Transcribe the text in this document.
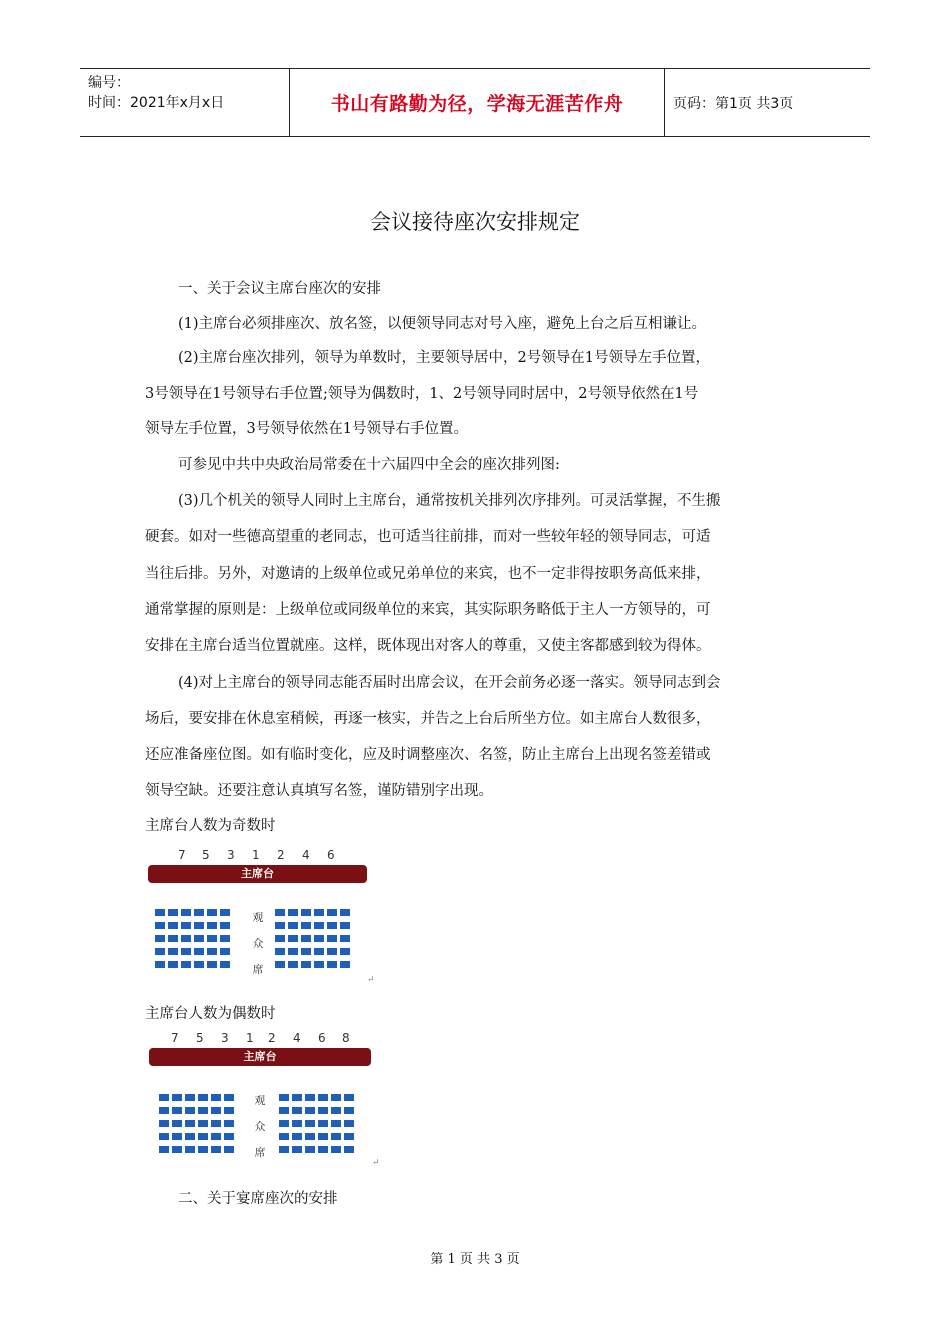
编号：
时间：2021年x月x日	书山有路勤为径，学海无涯苦作舟	页码：第1页 共3页
会议接待座次安排规定
一、关于会议主席台座次的安排
(1)主席台必须排座次、放名签，以便领导同志对号入座，避免上台之后互相谦让。
(2)主席台座次排列，领导为单数时，主要领导居中，2号领导在1号领导左手位置，
3号领导在1号领导右手位置;领导为偶数时，1、2号领导同时居中，2号领导依然在1号
领导左手位置，3号领导依然在1号领导右手位置。
可参见中共中央政治局常委在十六届四中全会的座次排列图:
(3)几个机关的领导人同时上主席台，通常按机关排列次序排列。可灵活掌握，不生搬
硬套。如对一些德高望重的老同志，也可适当往前排，而对一些较年轻的领导同志，可适
当往后排。另外，对邀请的上级单位或兄弟单位的来宾，也不一定非得按职务高低来排，
通常掌握的原则是：上级单位或同级单位的来宾，其实际职务略低于主人一方领导的，可
安排在主席台适当位置就座。这样，既体现出对客人的尊重，又使主客都感到较为得体。
(4)对上主席台的领导同志能否届时出席会议，在开会前务必逐一落实。领导同志到会
场后，要安排在休息室稍候，再逐一核实，并告之上台后所坐方位。如主席台人数很多，
还应准备座位图。如有临时变化，应及时调整座次、名签，防止主席台上出现名签差错或
领导空缺。还要注意认真填写名签，谨防错别字出现。
主席台人数为奇数时
7 5 3 1 2 4 6
主席台
观
众
席
↵
主席台人数为偶数时
7 5 3 1 2 4 6 8
主席台
观
众
席
↵
二、关于宴席座次的安排
第 1 页 共 3 页
